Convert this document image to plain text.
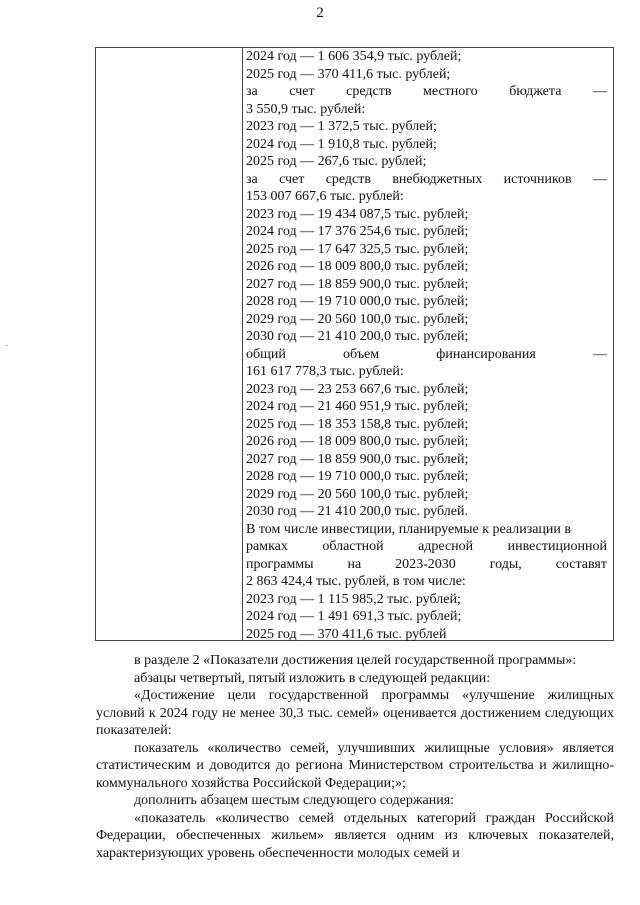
2
·
2024 год — 1 606 354,9 тыс. рублей;
2025 год — 370 411,6 тыс. рублей;
за счет средств местного бюджета —
3 550,9 тыс. рублей:
2023 год — 1 372,5 тыс. рублей;
2024 год — 1 910,8 тыс. рублей;
2025 год — 267,6 тыс. рублей;
за счет средств внебюджетных источников —
153 007 667,6 тыс. рублей:
2023 год — 19 434 087,5 тыс. рублей;
2024 год — 17 376 254,6 тыс. рублей;
2025 год — 17 647 325,5 тыс. рублей;
2026 год — 18 009 800,0 тыс. рублей;
2027 год — 18 859 900,0 тыс. рублей;
2028 год — 19 710 000,0 тыс. рублей;
2029 год — 20 560 100,0 тыс. рублей;
2030 год — 21 410 200,0 тыс. рублей;
общий	объем	финансирования	—
161 617 778,3 тыс. рублей:
2023 год — 23 253 667,6 тыс. рублей;
2024 год — 21 460 951,9 тыс. рублей;
2025 год — 18 353 158,8 тыс. рублей;
2026 год — 18 009 800,0 тыс. рублей;
2027 год — 18 859 900,0 тыс. рублей;
2028 год — 19 710 000,0 тыс. рублей;
2029 год — 20 560 100,0 тыс. рублей;
2030 год — 21 410 200,0 тыс. рублей.
В том числе инвестиции, планируемые к реализации в
рамках областной адресной инвестиционной
программы на 2023-2030 годы, составят
2 863 424,4 тыс. рублей, в том числе:
2023 год — 1 115 985,2 тыс. рублей;
2024 год — 1 491 691,3 тыс. рублей;
2025 год — 370 411,6 тыс. рублей

в разделе 2 «Показатели достижения целей государственной программы»:

абзацы четвертый, пятый изложить в следующей редакции:

«Достижение цели государственной программы «улучшение жилищных условий к 2024 году не менее 30,3 тыс. семей» оценивается достижением следующих показателей:

показатель «количество семей, улучшивших жилищные условия» является статистическим и доводится до региона Министерством строительства и жилищно-коммунального хозяйства Российской Федерации;»;

дополнить абзацем шестым следующего содержания:

«показатель «количество семей отдельных категорий граждан Российской Федерации, обеспеченных жильем» является одним из ключевых показателей, характеризующих уровень обеспеченности молодых семей и
